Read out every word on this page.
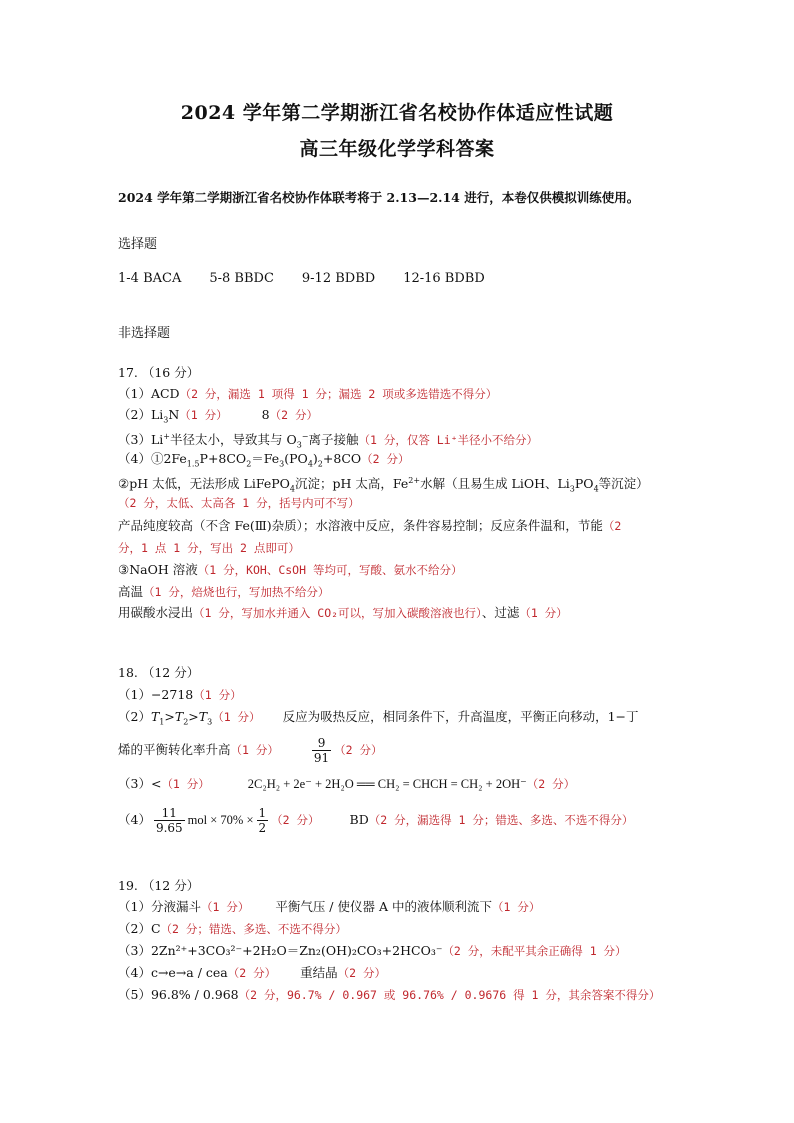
2024 学年第二学期浙江省名校协作体适应性试题
高三年级化学学科答案
2024 学年第二学期浙江省名校协作体联考将于 2.13—2.14 进行，本卷仅供模拟训练使用。
选择题
1-4 BACA 5-8 BBDC 9-12 BDBD 12-16 BDBD
非选择题
17. （16 分）
（1）ACD（2 分，漏选 1 项得 1 分；漏选 2 项或多选错选不得分）
$(2)Li_3N(1$ 分）	8（2 分）
（3）Li+半径太小，导致其与 $O_3^-$离子接触（1 分，仅答 Li⁺半径小不给分）
$(4)①2Fe_{1.5}P+8CO_2=Fe_3(PO_4)_2+8CO(2$ 分）
②pH 太低，无法形成 LiFePO$_4$沉淀；pH 太高，$Fe^{2+}$水解（且易生成 LiOH、$Li_3PO_4$等沉淀）
（2 分，太低、太高各 1 分，括号内可不写）
产品纯度较高（不含 Fe(Ⅲ)杂质）；水溶液中反应，条件容易控制；反应条件温和，节能（2
分，1 点 1 分，写出 2 点即可）
③NaOH 溶液（1 分，KOH、CsOH 等均可，写酸、氨水不给分）
高温（1 分，焙烧也行，写加热不给分）
用碳酸水浸出（1 分，写加水并通入 CO₂可以，写加入碳酸溶液也行）、过滤（1 分）
18. （12 分）
（1）−2718（1 分）
$(2)T_1>T_2>T_3(1$ 分） 反应为吸热反应，相同条件下，升高温度，平衡正向移动，1−丁
烯的平衡转化率升高（1 分）	$\frac{9}{91} (2$ 分）
（3）<（1 分）	2C₂H₂ + 2e⁻ + 2H₂O ══ CH₂ = CHCH = CH₂ + 2OH⁻（2 分）
$(4) \frac{11}{9.65}$ mol × $70\% \times \frac{1}{2} (2$ 分） BD（2 分，漏选得 1 分；错选、多选、不选不得分）
19. （12 分）
（1）分液漏斗（1 分） 平衡气压 / 使仪器 A 中的液体顺利流下（1 分）
（2）C（2 分；错选、多选、不选不得分）
（3）2Zn²⁺+3CO₃²⁻+2H₂O＝Zn₂(OH)₂CO₃+2HCO₃⁻（2 分，未配平其余正确得 1 分）
（4）c→e→a / cea（2 分） 重结晶（2 分）
（5）96.8% / 0.968（2 分，96.7% / 0.967 或 96.76% / 0.9676 得 1 分，其余答案不得分）
